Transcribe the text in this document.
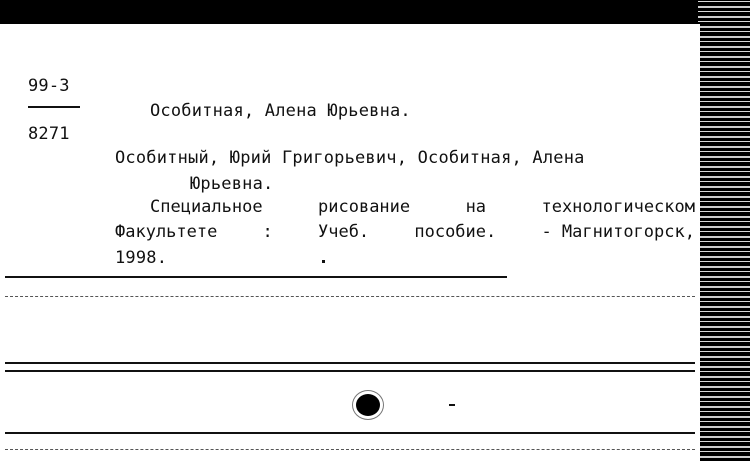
99-3
8271
Особитная, Алена Юрьевна.
Особитный, Юрий Григорьевич, Особитная, Алена
Юрьевна.
Специальное	рисование	на	технологическом
Факультете	:	Учеб.	пособие.	- Магнитогорск,
1998.
